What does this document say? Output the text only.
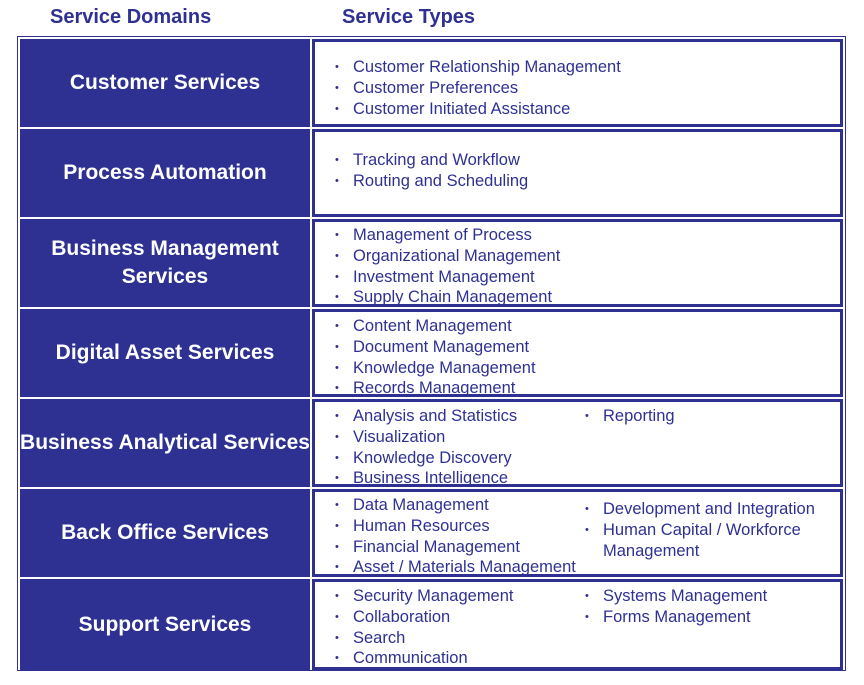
Service Domains	Service Types
Customer Services
• Customer Relationship Management
• Customer Preferences
• Customer Initiated Assistance
Process Automation
• Tracking and Workflow
• Routing and Scheduling
Business Management Services
• Management of Process
• Organizational Management
• Investment Management
• Supply Chain Management
Digital Asset Services
• Content Management
• Document Management
• Knowledge Management
• Records Management
Business Analytical Services
• Analysis and Statistics
• Visualization
• Knowledge Discovery
• Business Intelligence
• Reporting
Back Office Services
• Data Management
• Human Resources
• Financial Management
• Asset / Materials Management
• Development and Integration
• Human Capital / Workforce Management
Support Services
• Security Management
• Collaboration
• Search
• Communication
• Systems Management
• Forms Management
